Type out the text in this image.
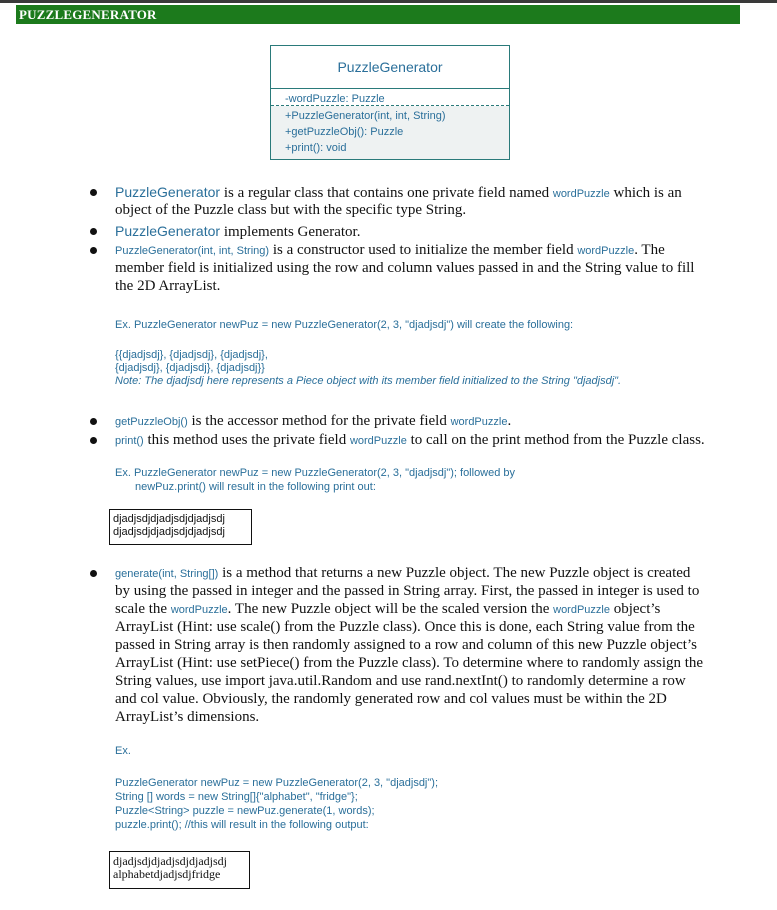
PUZZLEGENERATOR
PuzzleGenerator
-wordPuzzle: Puzzle
+PuzzleGenerator(int, int, String)
+getPuzzleObj(): Puzzle
+print(): void
PuzzleGenerator is a regular class that contains one private field named wordPuzzle which is an
object of the Puzzle class but with the specific type String.
PuzzleGenerator implements Generator.
PuzzleGenerator(int, int, String) is a constructor used to initialize the member field wordPuzzle. The
member field is initialized using the row and column values passed in and the String value to fill
the 2D ArrayList.
Ex. PuzzleGenerator newPuz = new PuzzleGenerator(2, 3, "djadjsdj") will create the following:
{{djadjsdj}, {djadjsdj}, {djadjsdj},
{djadjsdj}, {djadjsdj}, {djadjsdj}}
Note: The djadjsdj here represents a Piece object with its member field initialized to the String "djadjsdj".
getPuzzleObj() is the accessor method for the private field wordPuzzle.
print() this method uses the private field wordPuzzle to call on the print method from the Puzzle class.
Ex. PuzzleGenerator newPuz = new PuzzleGenerator(2, 3, "djadjsdj"); followed by
newPuz.print() will result in the following print out:
djadjsdjdjadjsdjdjadjsdj
djadjsdjdjadjsdjdjadjsdj
generate(int, String[]) is a method that returns a new Puzzle object. The new Puzzle object is created
by using the passed in integer and the passed in String array. First, the passed in integer is used to
scale the wordPuzzle. The new Puzzle object will be the scaled version the wordPuzzle object’s
ArrayList (Hint: use scale() from the Puzzle class). Once this is done, each String value from the
passed in String array is then randomly assigned to a row and column of this new Puzzle object’s
ArrayList (Hint: use setPiece() from the Puzzle class). To determine where to randomly assign the
String values, use import java.util.Random and use rand.nextInt() to randomly determine a row
and col value. Obviously, the randomly generated row and col values must be within the 2D
ArrayList’s dimensions.
Ex.
PuzzleGenerator newPuz = new PuzzleGenerator(2, 3, "djadjsdj");
String [] words = new String[]{"alphabet", "fridge"};
Puzzle<String> puzzle = newPuz.generate(1, words);
puzzle.print(); //this will result in the following output:
djadjsdjdjadjsdjdjadjsdj
alphabetdjadjsdjfridge
